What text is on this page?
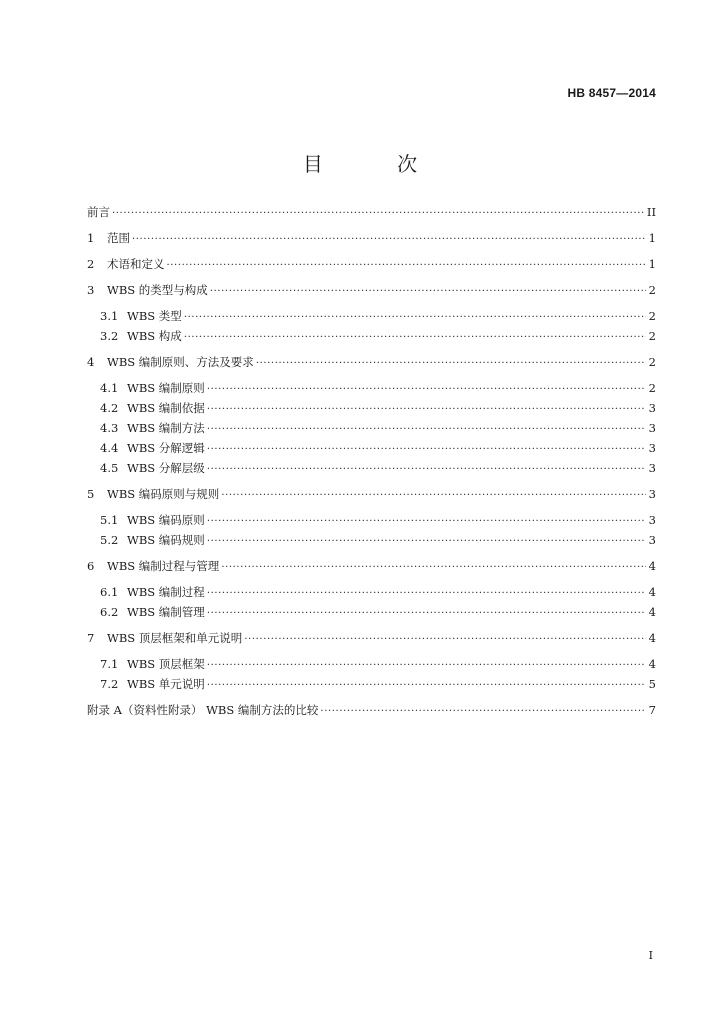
HB 8457—2014
目 次
前言 ·····	II
1	范围 ·····	1
2	术语和定义 ·····	1
3	WBS 的类型与构成 ·····	2
3.1 WBS 类型 ·····	2
3.2 WBS 构成 ·····	2
4	WBS 编制原则、方法及要求 ·····	2
4.1 WBS 编制原则 ·····	2
4.2 WBS 编制依据 ·····	3
4.3 WBS 编制方法 ·····	3
4.4 WBS 分解逻辑 ·····	3
4.5 WBS 分解层级 ·····	3
5	WBS 编码原则与规则 ·····	3
5.1 WBS 编码原则 ·····	3
5.2 WBS 编码规则 ·····	3
6	WBS 编制过程与管理 ·····	4
6.1 WBS 编制过程 ·····	4
6.2 WBS 编制管理 ·····	4
7	WBS 顶层框架和单元说明 ·····	4
7.1 WBS 顶层框架 ·····	4
7.2 WBS 单元说明 ·····	5
附录 A（资料性附录） WBS 编制方法的比较 ·····	7
I
